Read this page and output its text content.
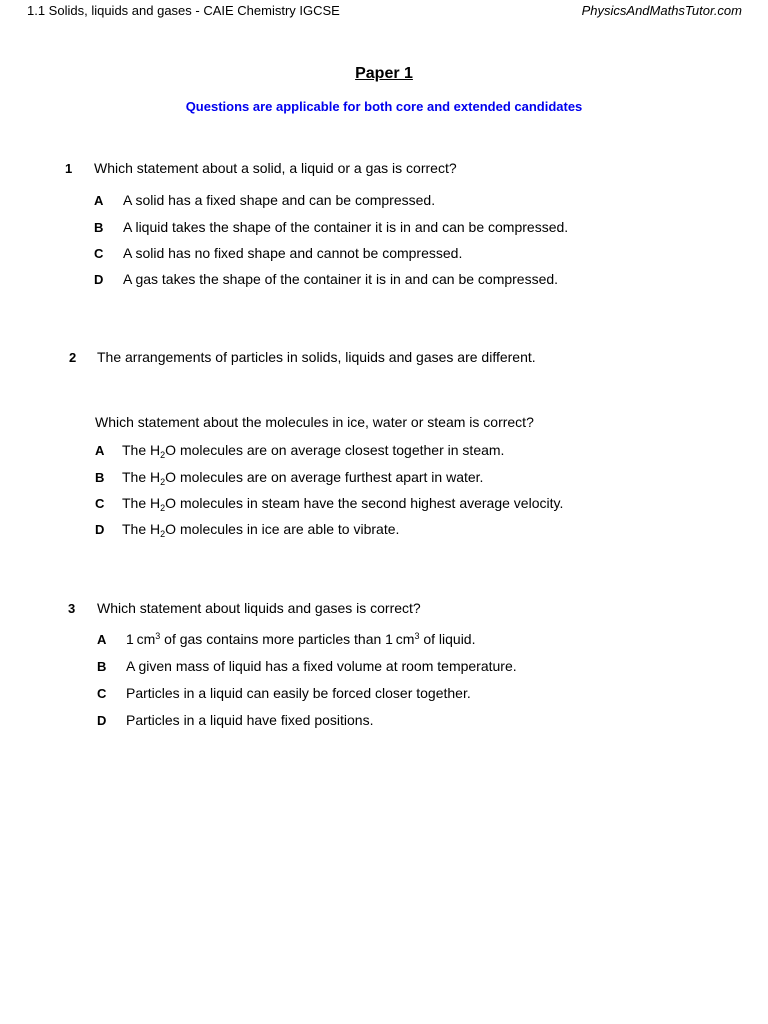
1.1 Solids, liquids and gases - CAIE Chemistry IGCSE	PhysicsAndMathsTutor.com
Paper 1
Questions are applicable for both core and extended candidates
1 Which statement about a solid, a liquid or a gas is correct?
A A solid has a fixed shape and can be compressed.
B A liquid takes the shape of the container it is in and can be compressed.
C A solid has no fixed shape and cannot be compressed.
D A gas takes the shape of the container it is in and can be compressed.
2 The arrangements of particles in solids, liquids and gases are different.
Which statement about the molecules in ice, water or steam is correct?
A The $H_2O$ molecules are on average closest together in steam.
B The $H_2O$ molecules are on average furthest apart in water.
C The $H_2O$ molecules in steam have the second highest average velocity.
D The $H_2O$ molecules in ice are able to vibrate.
3 Which statement about liquids and gases is correct?
A 1 $cm^3$ of gas contains more particles than 1 $cm^3$ of liquid.
B A given mass of liquid has a fixed volume at room temperature.
C Particles in a liquid can easily be forced closer together.
D Particles in a liquid have fixed positions.
